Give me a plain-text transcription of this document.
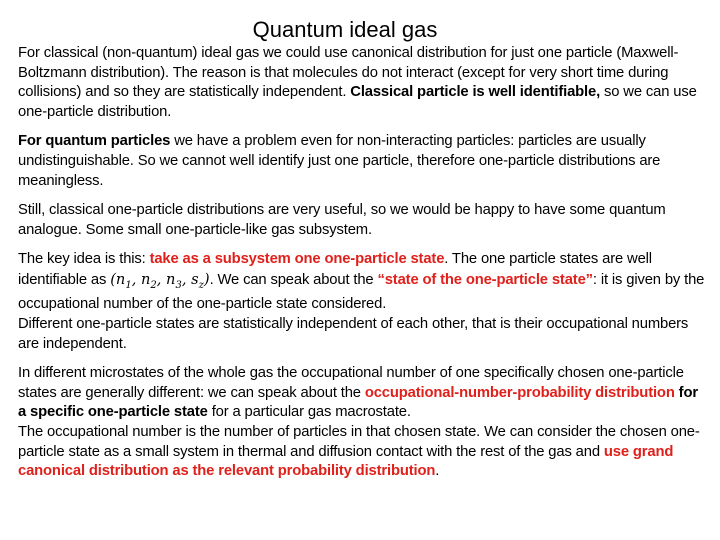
Quantum ideal gas

For classical (non-quantum) ideal gas we could use canonical distribution for just one particle (Maxwell-Boltzmann distribution). The reason is that molecules do not interact (except for very short time during collisions) and so they are statistically independent. Classical particle is well identifiable, so we can use one-particle distribution.

For quantum particles we have a problem even for non-interacting particles: particles are usually undistinguishable. So we cannot well identify just one particle, therefore one-particle distributions are meaningless.

Still, classical one-particle distributions are very useful, so we would be happy to have some quantum analogue. Some small one-particle-like gas subsystem.

The key idea is this: take as a subsystem one one-particle state. The one particle states are well identifiable as ($n_1$, $n_2$, $n_3$, $s_z$). We can speak about the “state of the one-particle state”: it is given by the occupational number of the one-particle state considered.

Different one-particle states are statistically independent of each other, that is their occupational numbers are independent.

In different microstates of the whole gas the occupational number of one specifically chosen one-particle states are generally different: we can speak about the occupational-number-probability distribution for a specific one-particle state for a particular gas macrostate.

The occupational number is the number of particles in that chosen state. We can consider the chosen one-particle state as a small system in thermal and diffusion contact with the rest of the gas and use grand canonical distribution as the relevant probability distribution.
